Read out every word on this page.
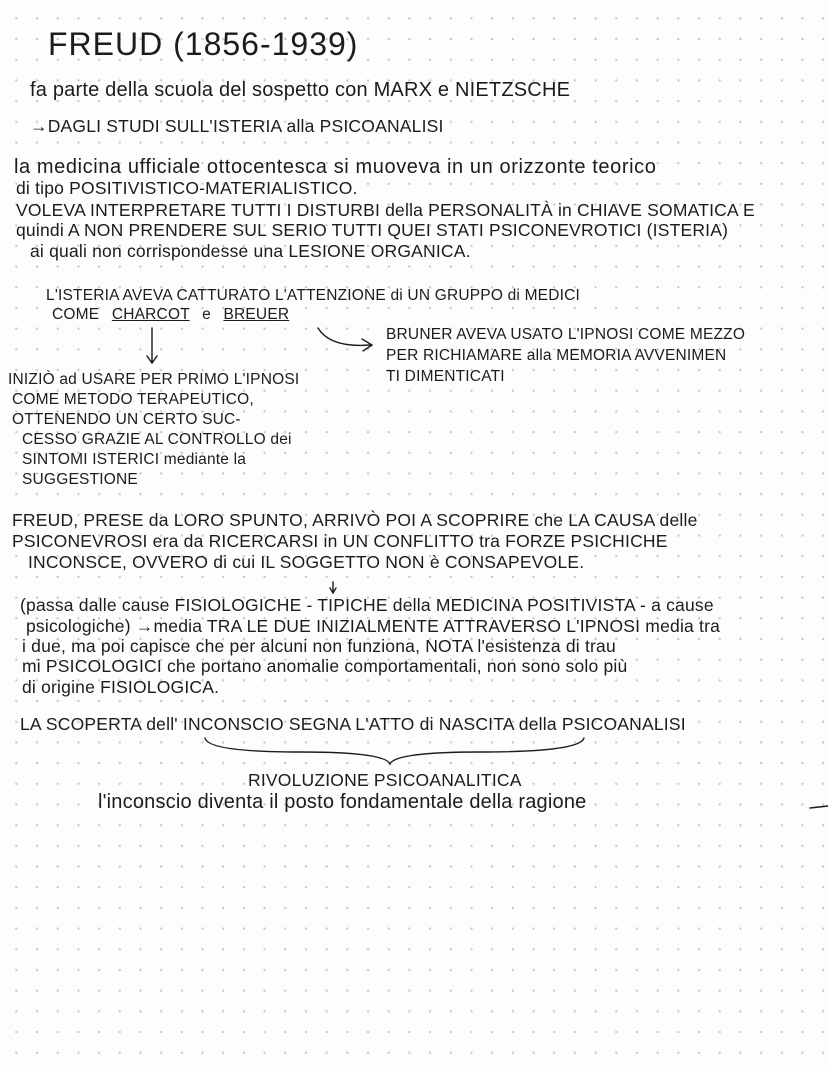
FREUD (1856-1939)
fa parte della scuola del sospetto con MARX e NIETZSCHE
→DAGLI STUDI SULL'ISTERIA alla PSICOANALISI
la medicina ufficiale ottocentesca si muoveva in un orizzonte teorico
di tipo POSITIVISTICO-MATERIALISTICO.
VOLEVA INTERPRETARE TUTTI I DISTURBI della PERSONALITÀ in CHIAVE SOMATICA E
quindi A NON PRENDERE SUL SERIO TUTTI QUEI STATI PSICONEVROTICI (ISTERIA)
ai quali non corrispondesse una LESIONE ORGANICA.
L'ISTERIA AVEVA CATTURATO L'ATTENZIONE di UN GRUPPO di MEDICI
COME CHARCOT e BREUER
BRUNER AVEVA USATO L'IPNOSI COME MEZZO
PER RICHIAMARE alla MEMORIA AVVENIMEN
TI DIMENTICATI
INIZIÒ ad USARE PER PRIMO L'IPNOSI
COME METODO TERAPEUTICO,
OTTENENDO UN CERTO SUC-
CESSO GRAZIE AL CONTROLLO dei
SINTOMI ISTERICI mediante la
SUGGESTIONE
FREUD, PRESE da LORO SPUNTO, ARRIVÒ POI A SCOPRIRE che LA CAUSA delle
PSICONEVROSI era da RICERCARSI in UN CONFLITTO tra FORZE PSICHICHE
INCONSCE, OVVERO di cui IL SOGGETTO NON è CONSAPEVOLE.
(passa dalle cause FISIOLOGICHE - TIPICHE della MEDICINA POSITIVISTA - a cause
psicologiche) →media TRA LE DUE INIZIALMENTE ATTRAVERSO L'IPNOSI media tra
i due, ma poi capisce che per alcuni non funziona, NOTA l'esistenza di trau
mi PSICOLOGICI che portano anomalie comportamentali, non sono solo più
di origine FISIOLOGICA.
LA SCOPERTA dell' INCONSCIO SEGNA L'ATTO di NASCITA della PSICOANALISI
RIVOLUZIONE PSICOANALITICA
l'inconscio diventa il posto fondamentale della ragione
